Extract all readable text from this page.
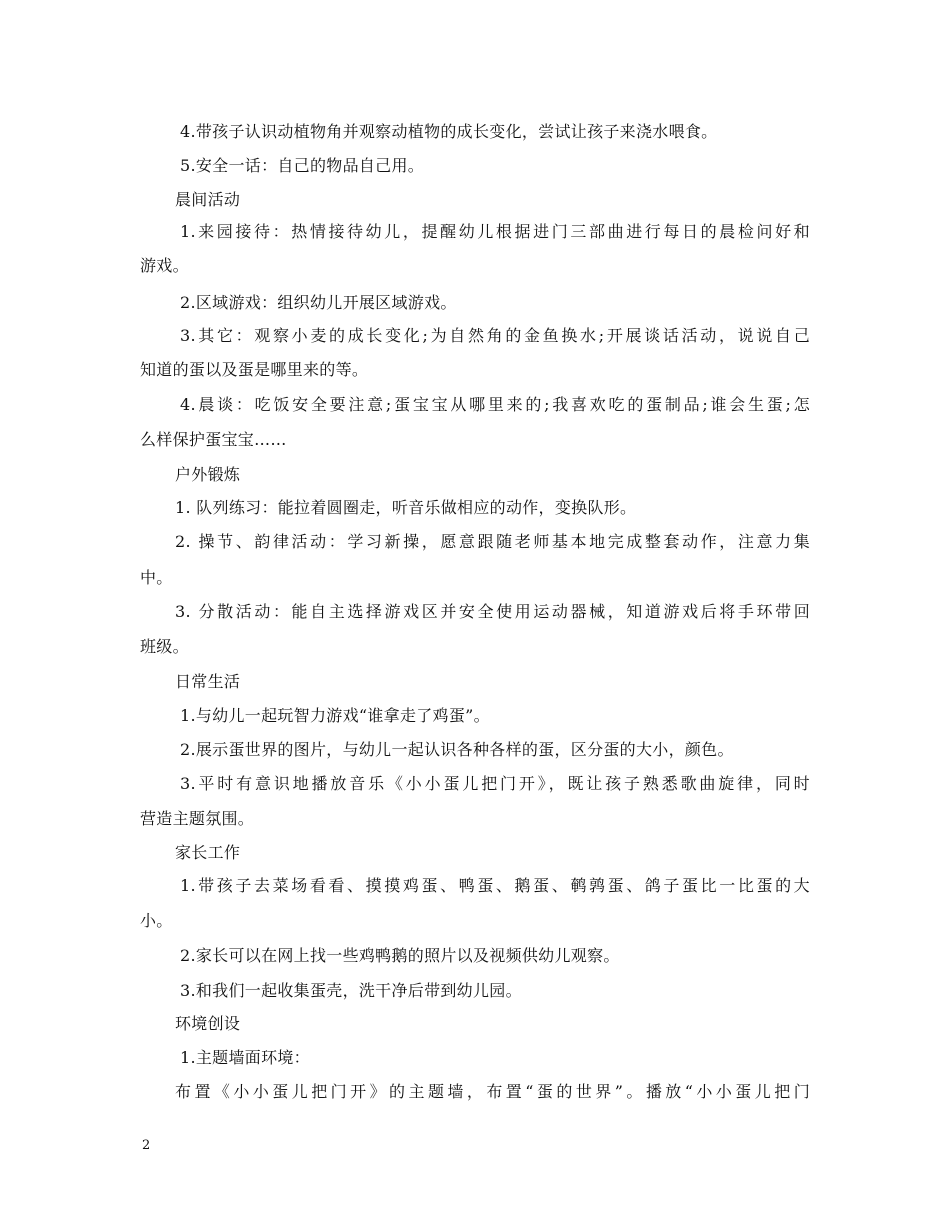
4.带孩子认识动植物角并观察动植物的成长变化，尝试让孩子来浇水喂食。
5.安全一话：自己的物品自己用。
晨间活动
1.来园接待：热情接待幼儿，提醒幼儿根据进门三部曲进行每日的晨检问好和
游戏。
2.区域游戏：组织幼儿开展区域游戏。
3.其它：观察小麦的成长变化;为自然角的金鱼换水;开展谈话活动，说说自己
知道的蛋以及蛋是哪里来的等。
4.晨谈：吃饭安全要注意;蛋宝宝从哪里来的;我喜欢吃的蛋制品;谁会生蛋;怎
么样保护蛋宝宝……
户外锻炼
1. 队列练习：能拉着圆圈走，听音乐做相应的动作，变换队形。
2. 操节、韵律活动：学习新操，愿意跟随老师基本地完成整套动作，注意力集
中。
3. 分散活动：能自主选择游戏区并安全使用运动器械，知道游戏后将手环带回
班级。
日常生活
1.与幼儿一起玩智力游戏“谁拿走了鸡蛋”。
2.展示蛋世界的图片，与幼儿一起认识各种各样的蛋，区分蛋的大小，颜色。
3.平时有意识地播放音乐《小小蛋儿把门开》，既让孩子熟悉歌曲旋律，同时
营造主题氛围。
家长工作
1.带孩子去菜场看看、摸摸鸡蛋、鸭蛋、鹅蛋、鹌鹑蛋、鸽子蛋比一比蛋的大
小。
2.家长可以在网上找一些鸡鸭鹅的照片以及视频供幼儿观察。
3.和我们一起收集蛋壳，洗干净后带到幼儿园。
环境创设
1.主题墙面环境：
布置《小小蛋儿把门开》的主题墙，布置“蛋的世界”。播放“小小蛋儿把门
2
